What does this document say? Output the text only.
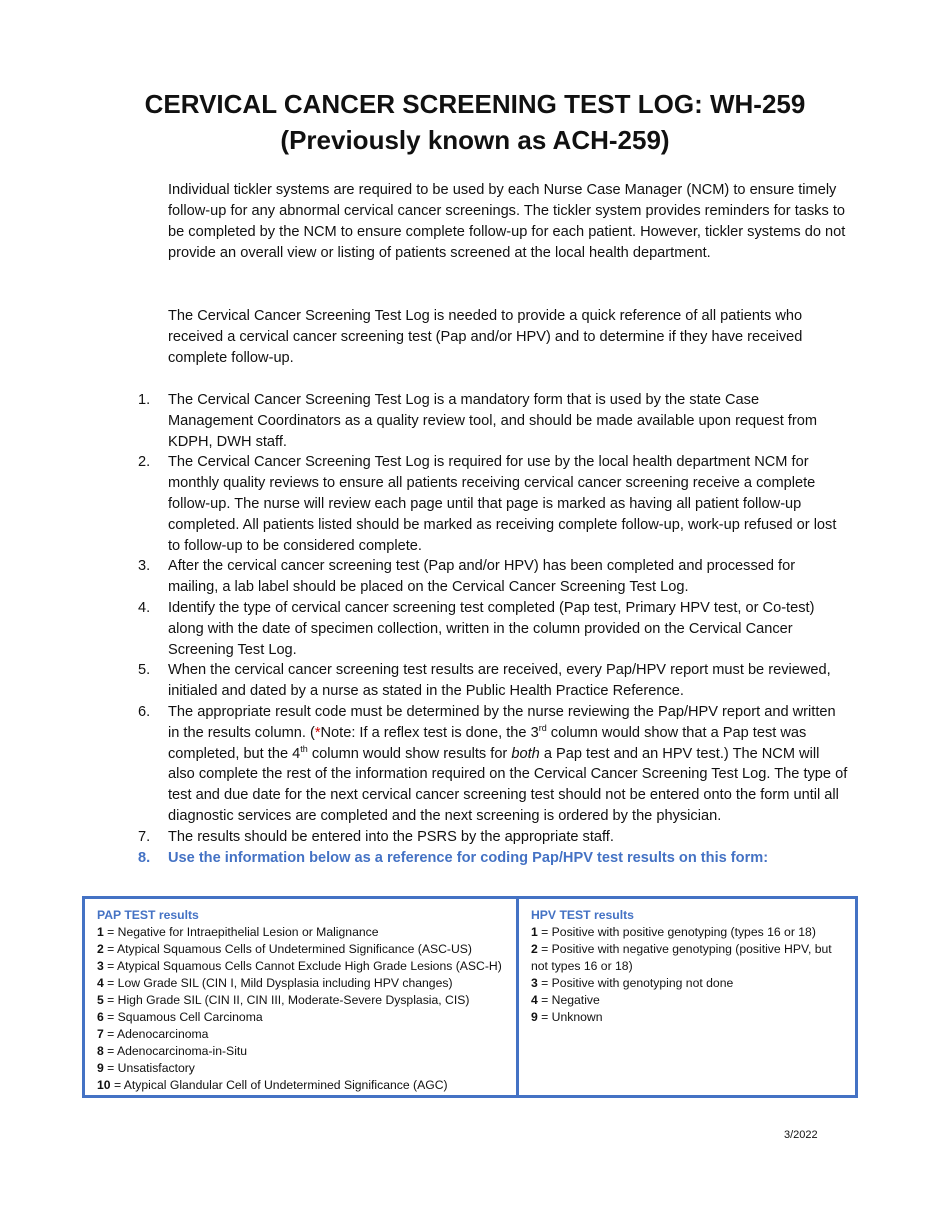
CERVICAL CANCER SCREENING TEST LOG: WH-259
(Previously known as ACH-259)
Individual tickler systems are required to be used by each Nurse Case Manager (NCM) to ensure timely follow-up for any abnormal cervical cancer screenings. The tickler system provides reminders for tasks to be completed by the NCM to ensure complete follow-up for each patient. However, tickler systems do not provide an overall view or listing of patients screened at the local health department.
The Cervical Cancer Screening Test Log is needed to provide a quick reference of all patients who received a cervical cancer screening test (Pap and/or HPV) and to determine if they have received complete follow-up.
1. The Cervical Cancer Screening Test Log is a mandatory form that is used by the state Case Management Coordinators as a quality review tool, and should be made available upon request from KDPH, DWH staff.
2. The Cervical Cancer Screening Test Log is required for use by the local health department NCM for monthly quality reviews to ensure all patients receiving cervical cancer screening receive a complete follow-up. The nurse will review each page until that page is marked as having all patient follow-up completed. All patients listed should be marked as receiving complete follow-up, work-up refused or lost to follow-up to be considered complete.
3. After the cervical cancer screening test (Pap and/or HPV) has been completed and processed for mailing, a lab label should be placed on the Cervical Cancer Screening Test Log.
4. Identify the type of cervical cancer screening test completed (Pap test, Primary HPV test, or Co-test) along with the date of specimen collection, written in the column provided on the Cervical Cancer Screening Test Log.
5. When the cervical cancer screening test results are received, every Pap/HPV report must be reviewed, initialed and dated by a nurse as stated in the Public Health Practice Reference.
6. The appropriate result code must be determined by the nurse reviewing the Pap/HPV report and written in the results column. (*Note: If a reflex test is done, the 3rd column would show that a Pap test was completed, but the 4th column would show results for both a Pap test and an HPV test.) The NCM will also complete the rest of the information required on the Cervical Cancer Screening Test Log. The type of test and due date for the next cervical cancer screening test should not be entered onto the form until all diagnostic services are completed and the next screening is ordered by the physician.
7. The results should be entered into the PSRS by the appropriate staff.
8. Use the information below as a reference for coding Pap/HPV test results on this form:
PAP TEST results
1 = Negative for Intraepithelial Lesion or Malignance
2 = Atypical Squamous Cells of Undetermined Significance (ASC-US)
3 = Atypical Squamous Cells Cannot Exclude High Grade Lesions (ASC-H)
4 = Low Grade SIL (CIN I, Mild Dysplasia including HPV changes)
5 = High Grade SIL (CIN II, CIN III, Moderate-Severe Dysplasia, CIS)
6 = Squamous Cell Carcinoma
7 = Adenocarcinoma
8 = Adenocarcinoma-in-Situ
9 = Unsatisfactory
10 = Atypical Glandular Cell of Undetermined Significance (AGC)
HPV TEST results
1 = Positive with positive genotyping (types 16 or 18)
2 = Positive with negative genotyping (positive HPV, but not types 16 or 18)
3 = Positive with genotyping not done
4 = Negative
9 = Unknown
3/2022
